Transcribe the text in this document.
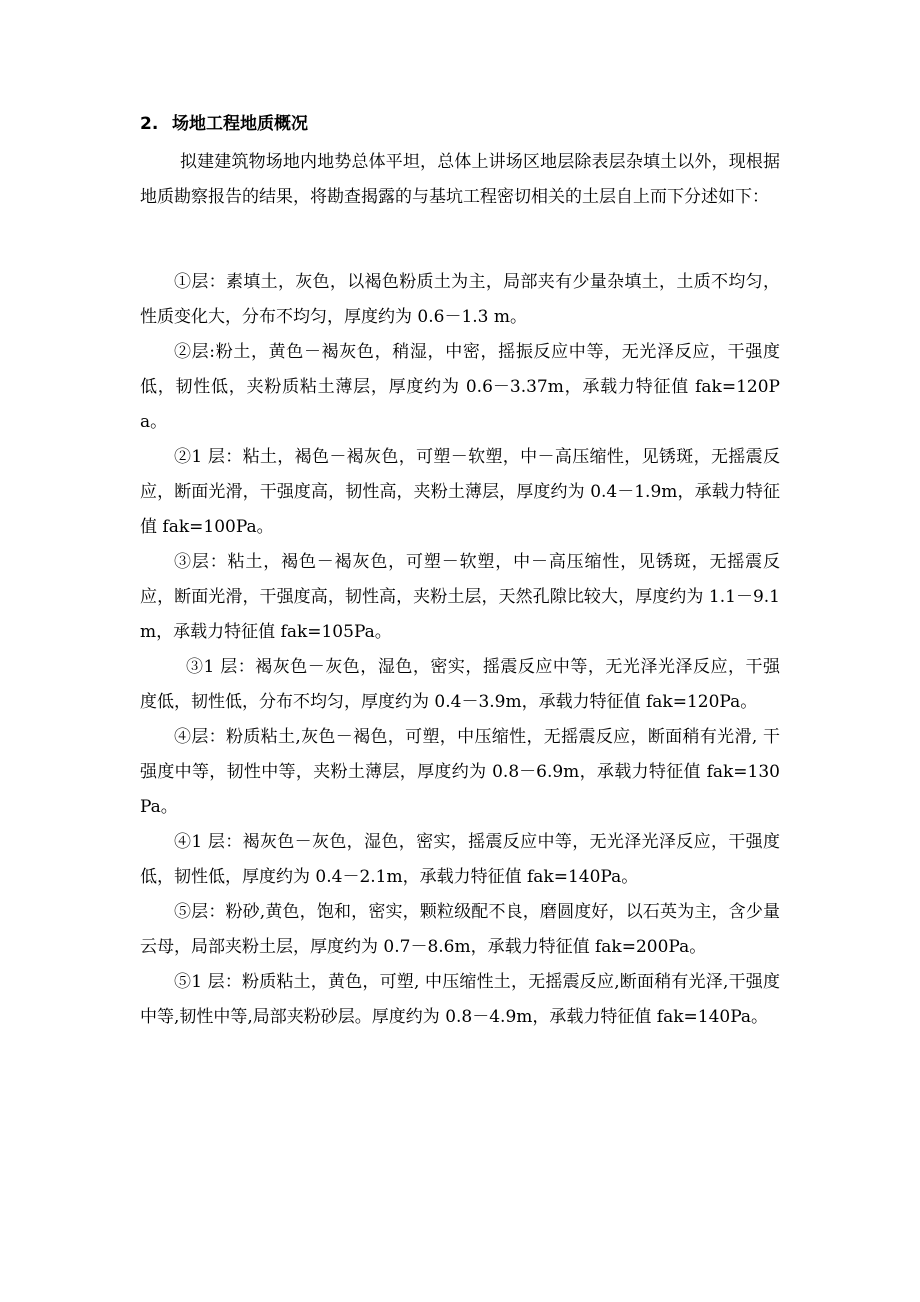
2. 场地工程地质概况

拟建建筑物场地内地势总体平坦，总体上讲场区地层除表层杂填土以外，现根据地质勘察报告的结果，将勘查揭露的与基坑工程密切相关的土层自上而下分述如下：

①层：素填土，灰色，以褐色粉质土为主，局部夹有少量杂填土，土质不均匀，性质变化大，分布不均匀，厚度约为 0.6－1.3 m。

②层:粉土，黄色－褐灰色，稍湿，中密，摇振反应中等，无光泽反应，干强度低，韧性低，夹粉质粘土薄层，厚度约为 0.6－3.37m，承载力特征值 fak=120Pa。

②1 层：粘土，褐色－褐灰色，可塑－软塑，中－高压缩性，见锈斑，无摇震反应，断面光滑，干强度高，韧性高，夹粉土薄层，厚度约为 0.4－1.9m，承载力特征值 fak=100Pa。

③层：粘土，褐色－褐灰色，可塑－软塑，中－高压缩性，见锈斑，无摇震反应，断面光滑，干强度高，韧性高，夹粉土层，天然孔隙比较大，厚度约为 1.1－9.1m，承载力特征值 fak=105Pa。

③1 层：褐灰色－灰色，湿色，密实，摇震反应中等，无光泽光泽反应，干强度低，韧性低，分布不均匀，厚度约为 0.4－3.9m，承载力特征值 fak=120Pa。

④层：粉质粘土,灰色－褐色，可塑，中压缩性，无摇震反应，断面稍有光滑, 干强度中等，韧性中等，夹粉土薄层，厚度约为 0.8－6.9m，承载力特征值 fak=130Pa。

④1 层：褐灰色－灰色，湿色，密实，摇震反应中等，无光泽光泽反应，干强度低，韧性低，厚度约为 0.4－2.1m，承载力特征值 fak=140Pa。

⑤层：粉砂,黄色，饱和，密实，颗粒级配不良，磨圆度好，以石英为主，含少量云母，局部夹粉土层，厚度约为 0.7－8.6m，承载力特征值 fak=200Pa。

⑤1 层：粉质粘土，黄色，可塑, 中压缩性土，无摇震反应,断面稍有光泽,干强度中等,韧性中等,局部夹粉砂层。厚度约为 0.8－4.9m，承载力特征值 fak=140Pa。
